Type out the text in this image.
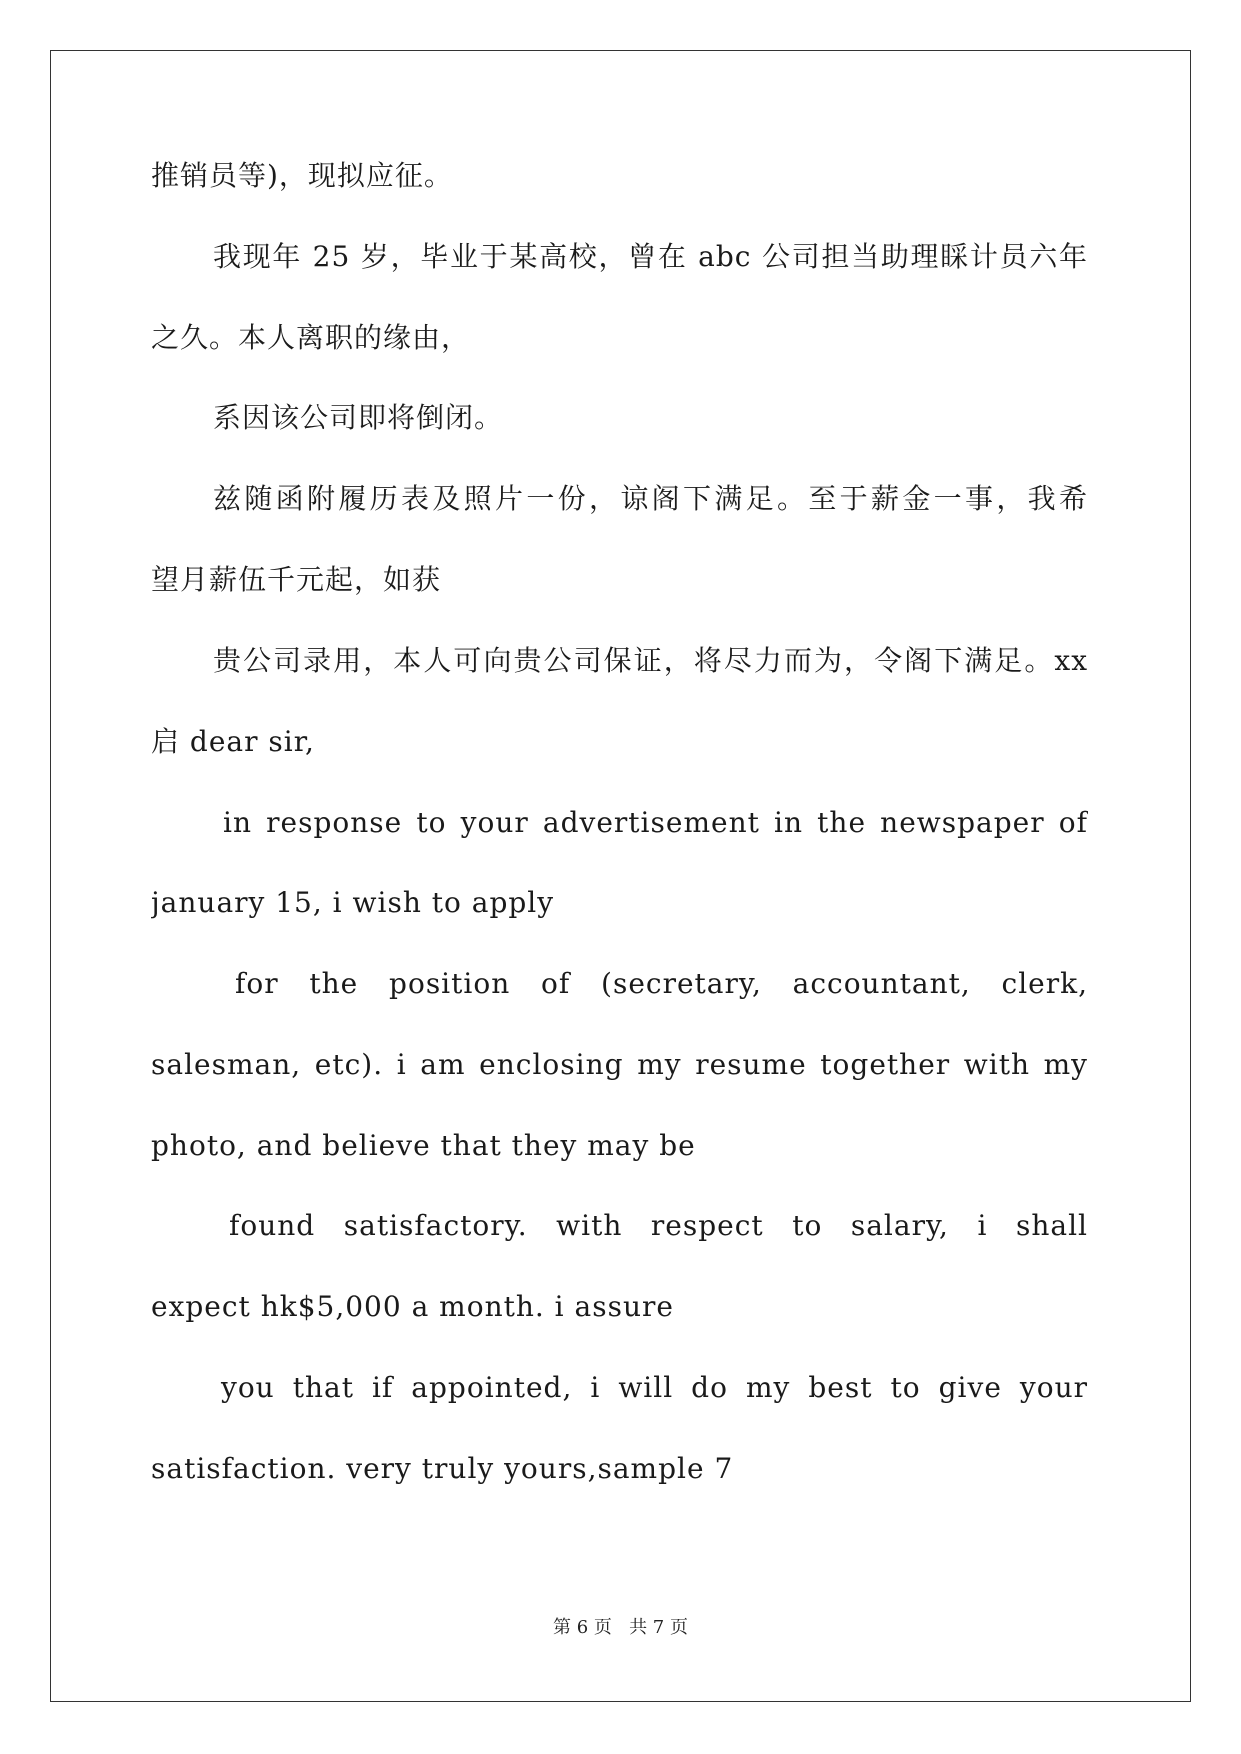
推销员等)，现拟应征。
我现年 25 岁，毕业于某高校，曾在 abc 公司担当助理睬计员六年
之久。本人离职的缘由，
系因该公司即将倒闭。
兹随函附履历表及照片一份，谅阁下满足。至于薪金一事，我希
望月薪伍千元起，如获
贵公司录用，本人可向贵公司保证，将尽力而为，令阁下满足。xx
启 dear sir,
in response to your advertisement in the newspaper of
january 15, i wish to apply
for the position of (secretary, accountant, clerk,
salesman, etc). i am enclosing my resume together with my
photo, and believe that they may be
found satisfactory. with respect to salary, i shall
expect hk$5,000 a month. i assure
you that if appointed, i will do my best to give your
satisfaction. very truly yours,sample 7
第 6 页 共 7 页
